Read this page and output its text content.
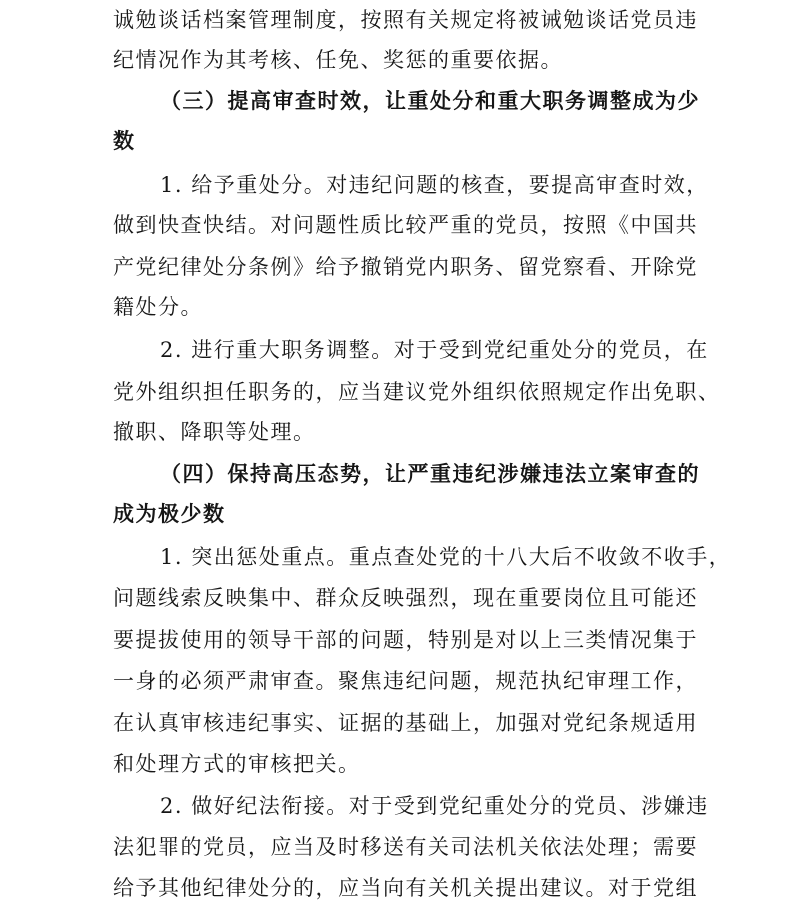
诚勉谈话档案管理制度，按照有关规定将被诫勉谈话党员违
纪情况作为其考核、任免、奖惩的重要依据。
（三）提高审查时效，让重处分和重大职务调整成为少
数
1. 给予重处分。对违纪问题的核查，要提高审查时效，
做到快查快结。对问题性质比较严重的党员，按照《中国共
产党纪律处分条例》给予撤销党内职务、留党察看、开除党
籍处分。
2. 进行重大职务调整。对于受到党纪重处分的党员，在
党外组织担任职务的，应当建议党外组织依照规定作出免职、
撤职、降职等处理。
（四）保持高压态势，让严重违纪涉嫌违法立案审查的
成为极少数
1. 突出惩处重点。重点查处党的十八大后不收敛不收手，
问题线索反映集中、群众反映强烈，现在重要岗位且可能还
要提拔使用的领导干部的问题，特别是对以上三类情况集于
一身的必须严肃审查。聚焦违纪问题，规范执纪审理工作，
在认真审核违纪事实、证据的基础上，加强对党纪条规适用
和处理方式的审核把关。
2. 做好纪法衔接。对于受到党纪重处分的党员、涉嫌违
法犯罪的党员，应当及时移送有关司法机关依法处理；需要
给予其他纪律处分的，应当向有关机关提出建议。对于党组
